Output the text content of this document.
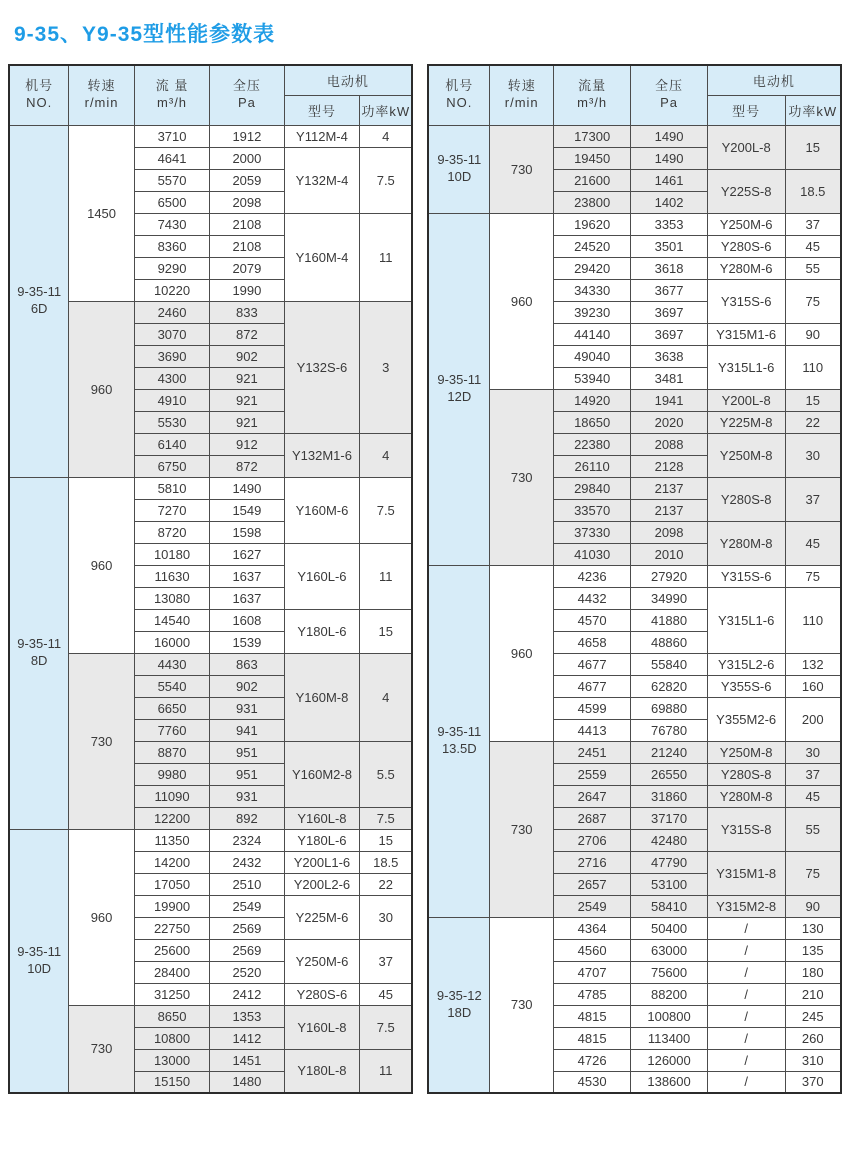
9-35、Y9-35型性能参数表
机号
NO.

转速
r/min

流 量
m³/h

全压
Pa
	电动机
				型号	功率kW

9-35-11
6D	1450	3710	1912	Y112M-4	4
		4641	2000	Y132M-4	7.5
		5570	2059		
		6500	2098		
		7430	2108	Y160M-4	11
		8360	2108		
		9290	2079		
		10220	1990		
	960	2460	833	Y132S-6	3
		3070	872		
		3690	902		
		4300	921		
		4910	921		
		5530	921		
		6140	912	Y132M1-6	4
		6750	872		

9-35-11
8D	960	5810	1490	Y160M-6	7.5
		7270	1549		
		8720	1598		
		10180	1627	Y160L-6	11
		11630	1637		
		13080	1637		
		14540	1608	Y180L-6	15
		16000	1539		
	730	4430	863	Y160M-8	4
		5540	902		
		6650	931		
		7760	941		
		8870	951	Y160M2-8	5.5
		9980	951		
		11090	931		
		12200	892	Y160L-8	7.5

9-35-11
10D	960	11350	2324	Y180L-6	15
		14200	2432	Y200L1-6	18.5
		17050	2510	Y200L2-6	22
		19900	2549	Y225M-6	30
		22750	2569		
		25600	2569	Y250M-6	37
		28400	2520		
		31250	2412	Y280S-6	45
	730	8650	1353	Y160L-8	7.5
		10800	1412		
		13000	1451	Y180L-8	11
		15150	1480		
机号
NO.

转速
r/min

流量
m³/h

全压
Pa
	电动机
				型号	功率kW

9-35-11
10D	730	17300	1490	Y200L-8	15
		19450	1490		
		21600	1461	Y225S-8	18.5
		23800	1402		

9-35-11
12D	960	19620	3353	Y250M-6	37
		24520	3501	Y280S-6	45
		29420	3618	Y280M-6	55
		34330	3677	Y315S-6	75
		39230	3697		
		44140	3697	Y315M1-6	90
		49040	3638	Y315L1-6	110
		53940	3481		
	730	14920	1941	Y200L-8	15
		18650	2020	Y225M-8	22
		22380	2088	Y250M-8	30
		26110	2128		
		29840	2137	Y280S-8	37
		33570	2137		
		37330	2098	Y280M-8	45
		41030	2010		

9-35-11
13.5D	960	4236	27920	Y315S-6	75
		4432	34990	Y315L1-6	110
		4570	41880		
		4658	48860		
		4677	55840	Y315L2-6	132
		4677	62820	Y355S-6	160
		4599	69880	Y355M2-6	200
		4413	76780		
	730	2451	21240	Y250M-8	30
		2559	26550	Y280S-8	37
		2647	31860	Y280M-8	45
		2687	37170	Y315S-8	55
		2706	42480		
		2716	47790	Y315M1-8	75
		2657	53100		
		2549	58410	Y315M2-8	90

9-35-12
18D	730	4364	50400	/	130
		4560	63000	/	135
		4707	75600	/	180
		4785	88200	/	210
		4815	100800	/	245
		4815	113400	/	260
		4726	126000	/	310
		4530	138600	/	370
